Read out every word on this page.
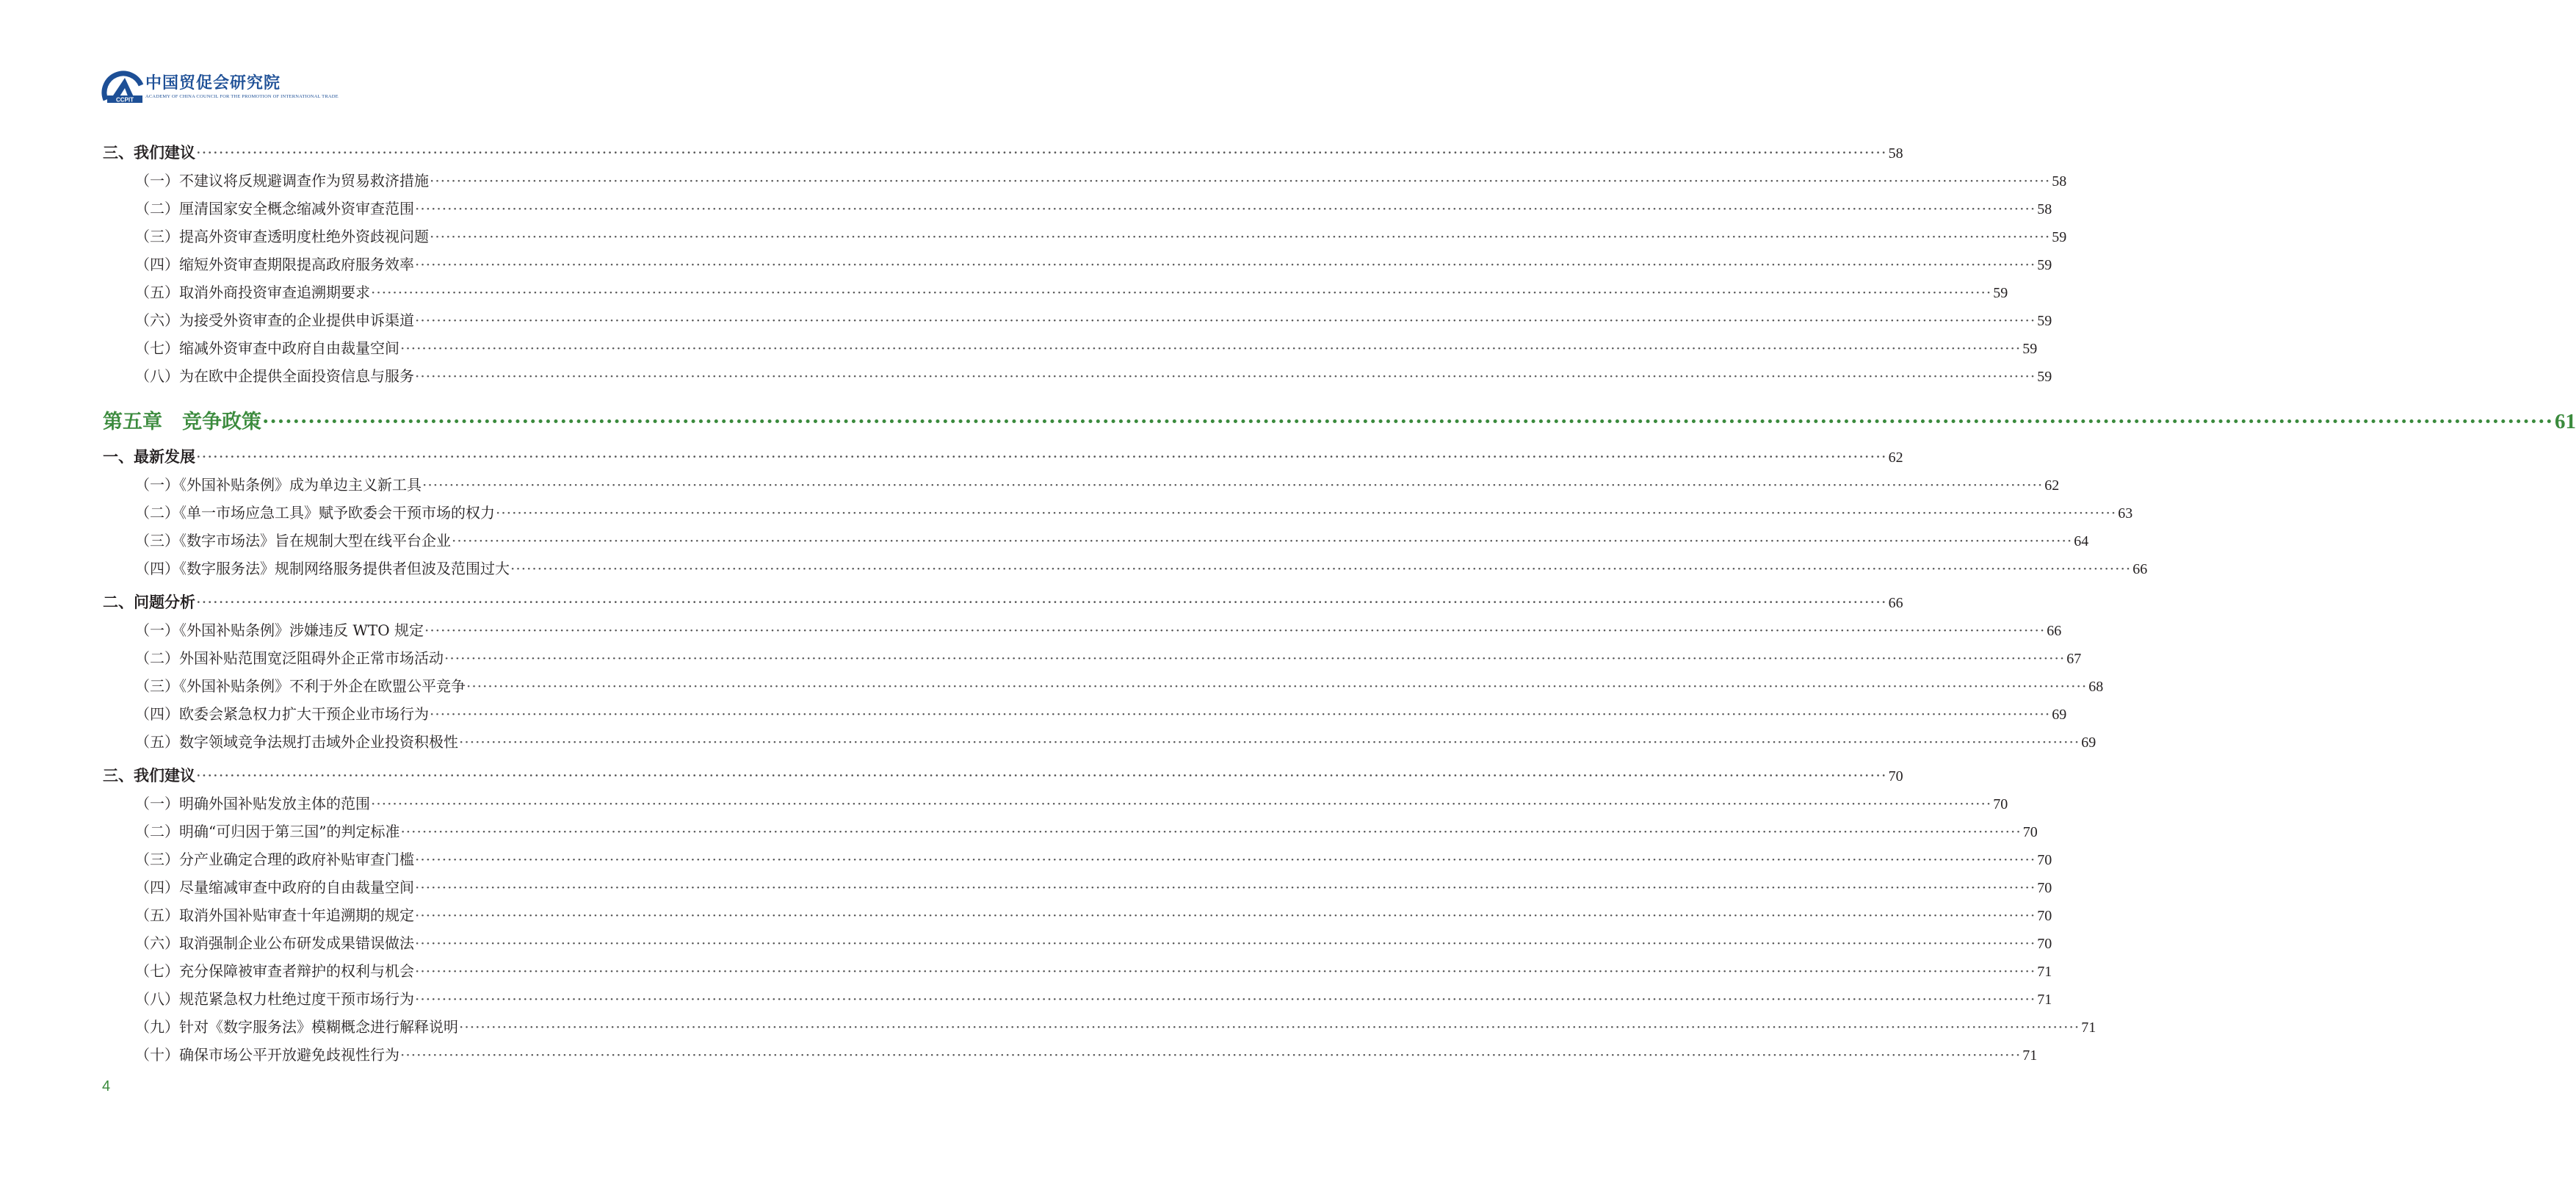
CCPIT
中国贸促会研究院
ACADEMY OF CHINA COUNCIL FOR THE PROMOTION OF INTERNATIONAL TRADE
三、我们建议 ············································································································································································································································································································ 58
（一）不建议将反规避调查作为贸易救济措施 ············································································································································································································································································································ 58
（二）厘清国家安全概念缩减外资审查范围 ············································································································································································································································································································ 58
（三）提高外资审查透明度杜绝外资歧视问题 ············································································································································································································································································································ 59
（四）缩短外资审查期限提高政府服务效率 ············································································································································································································································································································ 59
（五）取消外商投资审查追溯期要求 ············································································································································································································································································································ 59
（六）为接受外资审查的企业提供申诉渠道 ············································································································································································································································································································ 59
（七）缩减外资审查中政府自由裁量空间 ············································································································································································································································································································ 59
（八）为在欧中企提供全面投资信息与服务 ············································································································································································································································································································ 59
第五章　竞争政策 ············································································································································································································································································································ 61
一、最新发展 ············································································································································································································································································································ 62
（一）《外国补贴条例》成为单边主义新工具 ············································································································································································································································································································ 62
（二）《单一市场应急工具》赋予欧委会干预市场的权力 ············································································································································································································································································································ 63
（三）《数字市场法》旨在规制大型在线平台企业 ············································································································································································································································································································ 64
（四）《数字服务法》规制网络服务提供者但波及范围过大 ············································································································································································································································································································ 66
二、问题分析 ············································································································································································································································································································ 66
（一）《外国补贴条例》涉嫌违反 WTO 规定 ············································································································································································································································································································ 66
（二）外国补贴范围宽泛阻碍外企正常市场活动 ············································································································································································································································································································ 67
（三）《外国补贴条例》不利于外企在欧盟公平竞争 ············································································································································································································································································································ 68
（四）欧委会紧急权力扩大干预企业市场行为 ············································································································································································································································································································ 69
（五）数字领域竞争法规打击域外企业投资积极性 ············································································································································································································································································································ 69
三、我们建议 ············································································································································································································································································································ 70
（一）明确外国补贴发放主体的范围 ············································································································································································································································································································ 70
（二）明确“可归因于第三国”的判定标准 ············································································································································································································································································································ 70
（三）分产业确定合理的政府补贴审查门槛 ············································································································································································································································································································ 70
（四）尽量缩减审查中政府的自由裁量空间 ············································································································································································································································································································ 70
（五）取消外国补贴审查十年追溯期的规定 ············································································································································································································································································································ 70
（六）取消强制企业公布研发成果错误做法 ············································································································································································································································································································ 70
（七）充分保障被审查者辩护的权利与机会 ············································································································································································································································································································ 71
（八）规范紧急权力杜绝过度干预市场行为 ············································································································································································································································································································ 71
（九）针对《数字服务法》模糊概念进行解释说明 ············································································································································································································································································································ 71
（十）确保市场公平开放避免歧视性行为 ············································································································································································································································································································ 71
4
